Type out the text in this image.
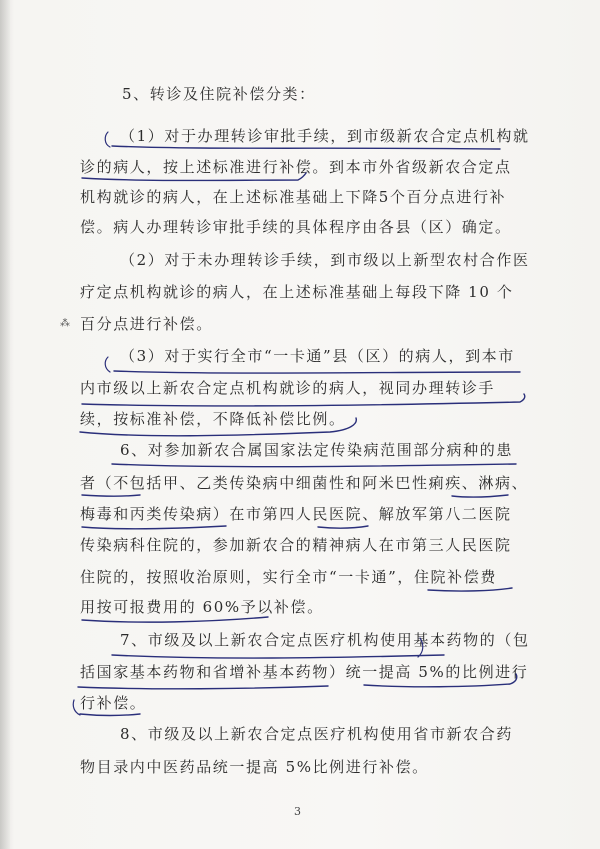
⁂
5、转诊及住院补偿分类：
（1）对于办理转诊审批手续，到市级新农合定点机构就
诊的病人，按上述标准进行补偿。到本市外省级新农合定点
机构就诊的病人，在上述标准基础上下降5个百分点进行补
偿。病人办理转诊审批手续的具体程序由各县（区）确定。
（2）对于未办理转诊手续，到市级以上新型农村合作医
疗定点机构就诊的病人，在上述标准基础上每段下降 10 个
百分点进行补偿。
（3）对于实行全市“一卡通”县（区）的病人，到本市
内市级以上新农合定点机构就诊的病人，视同办理转诊手
续，按标准补偿，不降低补偿比例。
6、对参加新农合属国家法定传染病范围部分病种的患
者（不包括甲、乙类传染病中细菌性和阿米巴性痢疾、淋病、
梅毒和丙类传染病）在市第四人民医院、解放军第八二医院
传染病科住院的，参加新农合的精神病人在市第三人民医院
住院的，按照收治原则，实行全市“一卡通”，住院补偿费
用按可报费用的 60%予以补偿。
7、市级及以上新农合定点医疗机构使用基本药物的（包
括国家基本药物和省增补基本药物）统一提高 5%的比例进行
行补偿。
8、市级及以上新农合定点医疗机构使用省市新农合药
物目录内中医药品统一提高 5%比例进行补偿。
3
